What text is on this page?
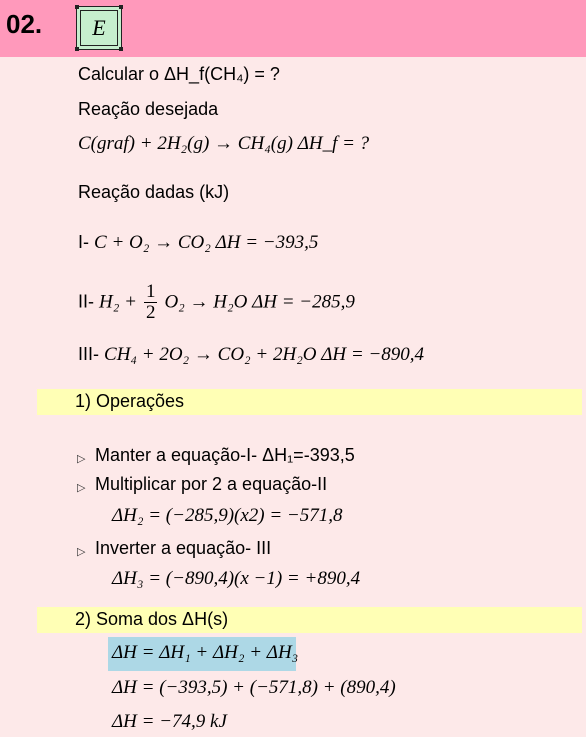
02. E
Calcular o ΔH_f(CH₄) = ?
Reação desejada
C(graf) + 2H₂(g) → CH₄(g) ΔH_f = ?
Reação dadas (kJ)
I- C + O₂ → CO₂ ΔH = −393,5
II- $H_2 + \frac{1}{2} O_2 \to H_2O$ ΔH = −285,9
III- CH₄ + 2O₂ → CO₂ + 2H₂O ΔH = −890,4
1) Operações
▷ Manter a equação-I- ΔH₁=-393,5
▷ Multiplicar por 2 a equação-II
ΔH₂ = (−285,9)(x2) = −571,8
▷ Inverter a equação- III
ΔH₃ = (−890,4)(x −1) = +890,4
2) Soma dos ΔH(s)
ΔH = ΔH₁ + ΔH₂ + ΔH₃
ΔH = (−393,5) + (−571,8) + (890,4)
ΔH = −74,9 kJ
